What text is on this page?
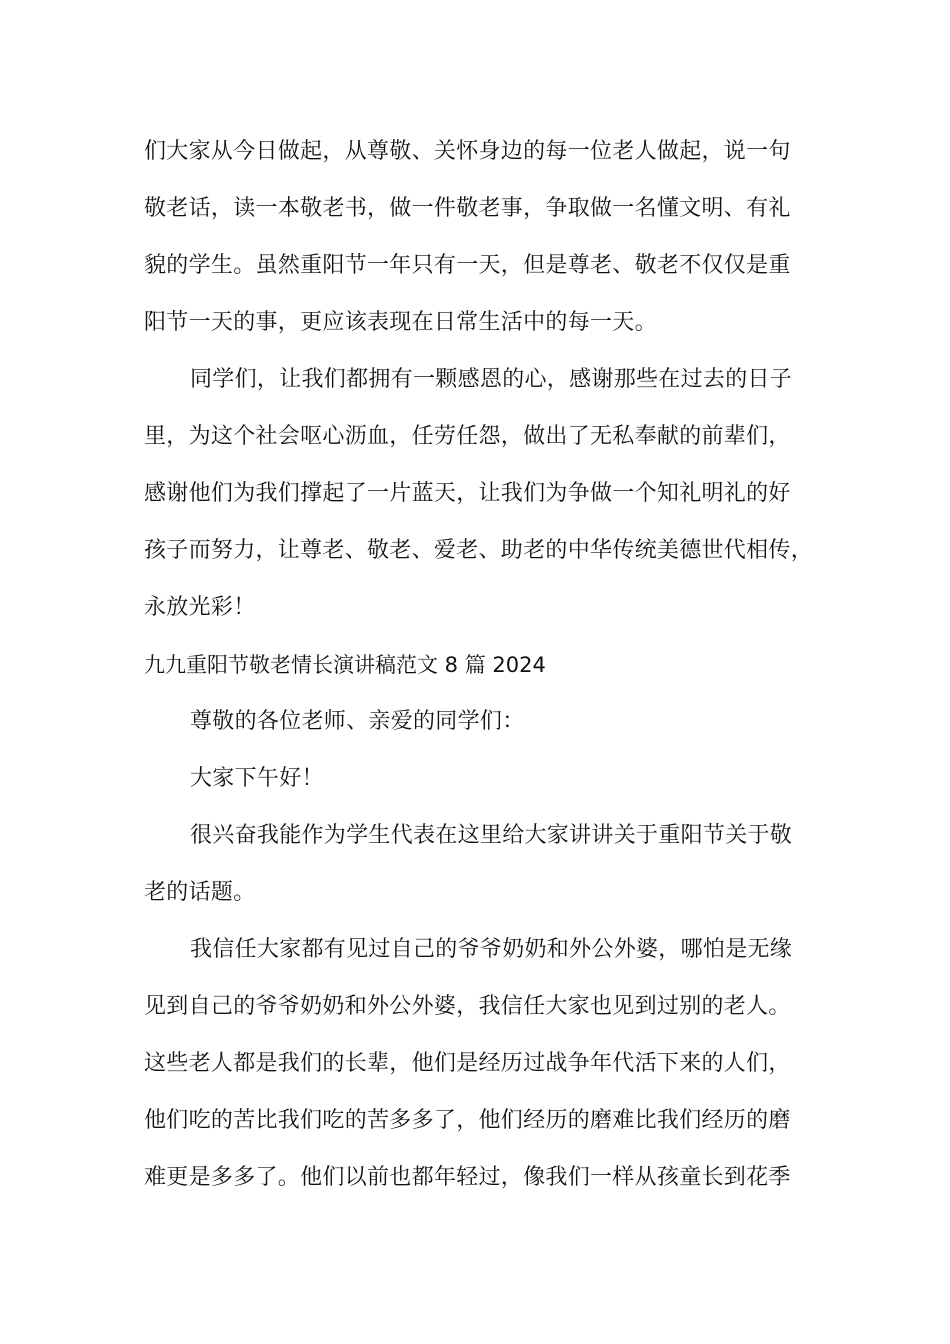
们大家从今日做起，从尊敬、关怀身边的每一位老人做起，说一句
敬老话，读一本敬老书，做一件敬老事，争取做一名懂文明、有礼
貌的学生。虽然重阳节一年只有一天，但是尊老、敬老不仅仅是重
阳节一天的事，更应该表现在日常生活中的每一天。
同学们，让我们都拥有一颗感恩的心，感谢那些在过去的日子
里，为这个社会呕心沥血，任劳任怨，做出了无私奉献的前辈们，
感谢他们为我们撑起了一片蓝天，让我们为争做一个知礼明礼的好
孩子而努力，让尊老、敬老、爱老、助老的中华传统美德世代相传，
永放光彩！
九九重阳节敬老情长演讲稿范文 8 篇 2024
尊敬的各位老师、亲爱的同学们：
大家下午好！
很兴奋我能作为学生代表在这里给大家讲讲关于重阳节关于敬
老的话题。
我信任大家都有见过自己的爷爷奶奶和外公外婆，哪怕是无缘
见到自己的爷爷奶奶和外公外婆，我信任大家也见到过别的老人。
这些老人都是我们的长辈，他们是经历过战争年代活下来的人们，
他们吃的苦比我们吃的苦多多了，他们经历的磨难比我们经历的磨
难更是多多了。他们以前也都年轻过，像我们一样从孩童长到花季
